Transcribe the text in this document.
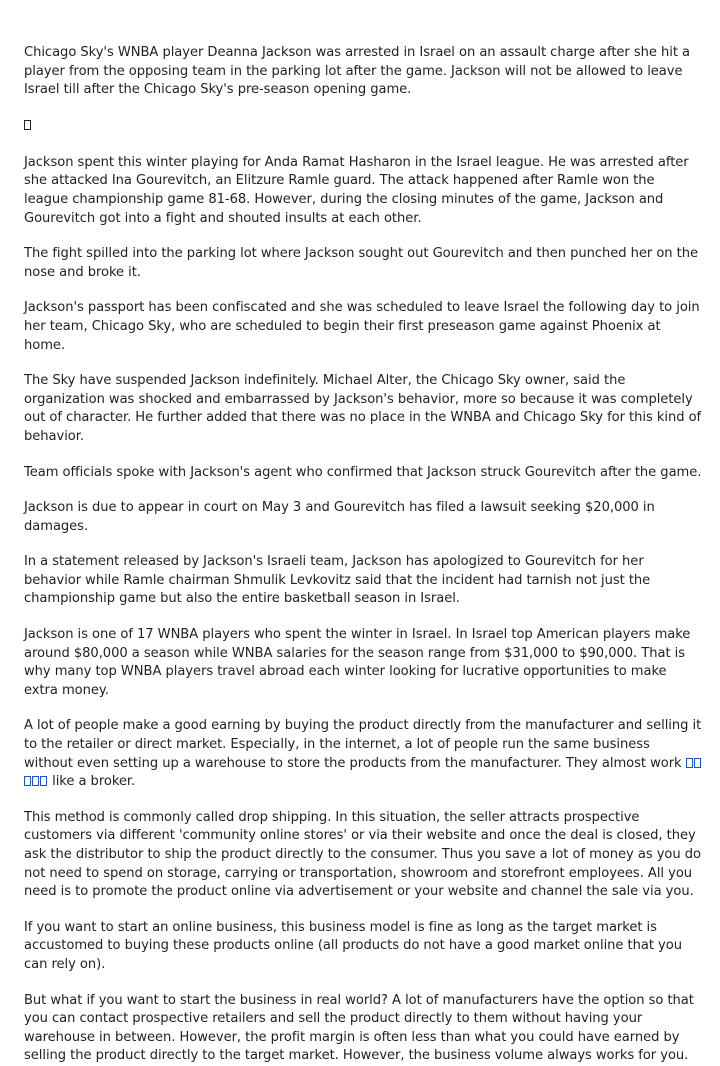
Chicago Sky's WNBA player Deanna Jackson was arrested in Israel on an assault charge after she hit a player from the opposing team in the parking lot after the game. Jackson will not be allowed to leave Israel till after the Chicago Sky's pre-season opening game.

Jackson spent this winter playing for Anda Ramat Hasharon in the Israel league. He was arrested after she attacked Ina Gourevitch, an Elitzure Ramle guard. The attack happened after Ramle won the league championship game 81-68. However, during the closing minutes of the game, Jackson and Gourevitch got into a fight and shouted insults at each other.

The fight spilled into the parking lot where Jackson sought out Gourevitch and then punched her on the nose and broke it.

Jackson's passport has been confiscated and she was scheduled to leave Israel the following day to join her team, Chicago Sky, who are scheduled to begin their first preseason game against Phoenix at home.

The Sky have suspended Jackson indefinitely. Michael Alter, the Chicago Sky owner, said the organization was shocked and embarrassed by Jackson's behavior, more so because it was completely out of character. He further added that there was no place in the WNBA and Chicago Sky for this kind of behavior.

Team officials spoke with Jackson's agent who confirmed that Jackson struck Gourevitch after the game.

Jackson is due to appear in court on May 3 and Gourevitch has filed a lawsuit seeking $20,000 in damages.

In a statement released by Jackson's Israeli team, Jackson has apologized to Gourevitch for her behavior while Ramle chairman Shmulik Levkovitz said that the incident had tarnish not just the championship game but also the entire basketball season in Israel.

Jackson is one of 17 WNBA players who spent the winter in Israel. In Israel top American players make around $80,000 a season while WNBA salaries for the season range from $31,000 to $90,000. That is why many top WNBA players travel abroad each winter looking for lucrative opportunities to make extra money.

A lot of people make a good earning by buying the product directly from the manufacturer and selling it to the retailer or direct market. Especially, in the internet, a lot of people run the same business without even setting up a warehouse to store the products from the manufacturer. They almost work  like a broker.

This method is commonly called drop shipping. In this situation, the seller attracts prospective customers via different 'community online stores' or via their website and once the deal is closed, they ask the distributor to ship the product directly to the consumer. Thus you save a lot of money as you do not need to spend on storage, carrying or transportation, showroom and storefront employees. All you need is to promote the product online via advertisement or your website and channel the sale via you.

If you want to start an online business, this business model is fine as long as the target market is accustomed to buying these products online (all products do not have a good market online that you can rely on).

But what if you want to start the business in real world? A lot of manufacturers have the option so that you can contact prospective retailers and sell the product directly to them without having your warehouse in between. However, the profit margin is often less than what you could have earned by selling the product directly to the target market. However, the business volume always works for you.
